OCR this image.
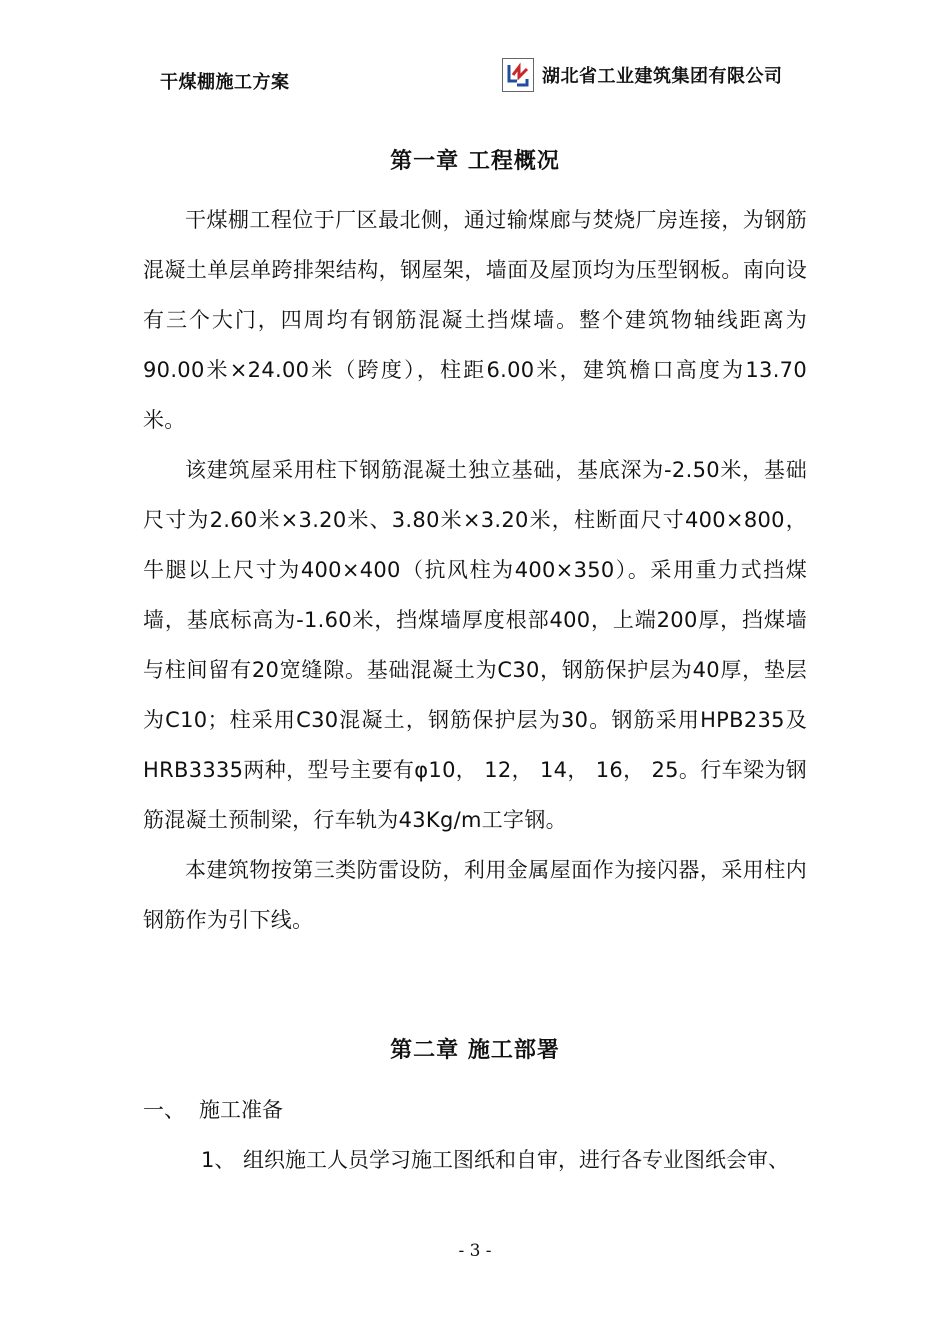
干煤棚施工方案	湖北省工业建筑集团有限公司
第一章 工程概况

干煤棚工程位于厂区最北侧，通过输煤廊与焚烧厂房连接，为钢筋混凝土单层单跨排架结构，钢屋架，墙面及屋顶均为压型钢板。南向设有三个大门，四周均有钢筋混凝土挡煤墙。整个建筑物轴线距离为90.00米×24.00米（跨度），柱距6.00米，建筑檐口高度为13.70米。

该建筑屋采用柱下钢筋混凝土独立基础，基底深为-2.50米，基础尺寸为2.60米×3.20米、3.80米×3.20米，柱断面尺寸400×800，牛腿以上尺寸为400×400（抗风柱为400×350）。采用重力式挡煤墙，基底标高为-1.60米，挡煤墙厚度根部400，上端200厚，挡煤墙与柱间留有20宽缝隙。基础混凝土为C30，钢筋保护层为40厚，垫层为C10；柱采用C30混凝土，钢筋保护层为30。钢筋采用HPB235及HRB3335两种，型号主要有φ10， 12， 14， 16， 25。行车梁为钢筋混凝土预制梁，行车轨为43Kg/m工字钢。

本建筑物按第三类防雷设防，利用金属屋面作为接闪器，采用柱内钢筋作为引下线。

第二章 施工部署

一、 施工准备

1、 组织施工人员学习施工图纸和自审，进行各专业图纸会审、

- 3 -
